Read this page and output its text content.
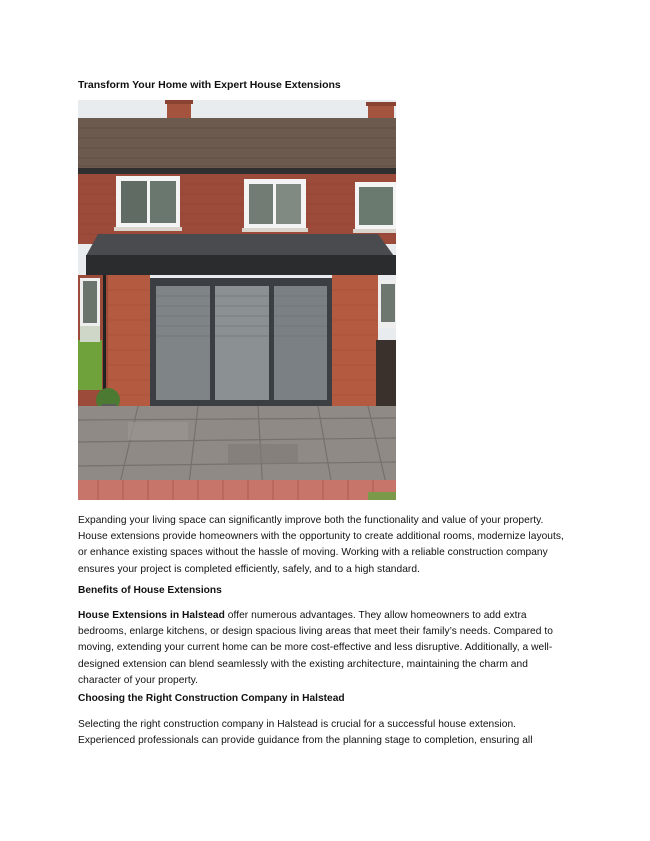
Transform Your Home with Expert House Extensions

Expanding your living space can significantly improve both the functionality and value of your property. House extensions provide homeowners with the opportunity to create additional rooms, modernize layouts, or enhance existing spaces without the hassle of moving. Working with a reliable construction company ensures your project is completed efficiently, safely, and to a high standard.

Benefits of House Extensions

House Extensions in Halstead offer numerous advantages. They allow homeowners to add extra bedrooms, enlarge kitchens, or design spacious living areas that meet their family’s needs. Compared to moving, extending your current home can be more cost-effective and less disruptive. Additionally, a well-designed extension can blend seamlessly with the existing architecture, maintaining the charm and character of your property.

Choosing the Right Construction Company in Halstead

Selecting the right construction company in Halstead is crucial for a successful house extension. Experienced professionals can provide guidance from the planning stage to completion, ensuring all
